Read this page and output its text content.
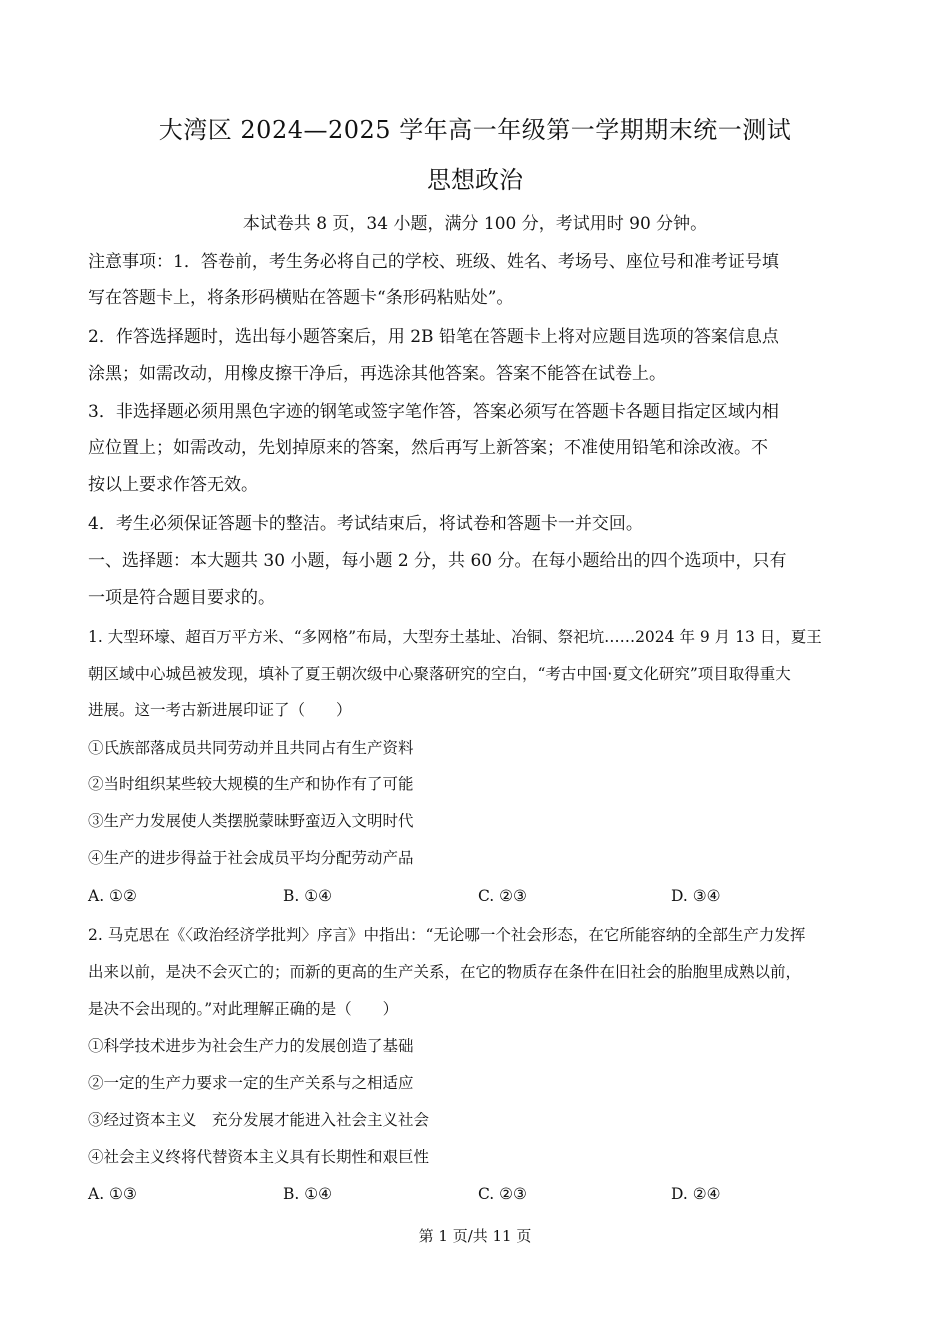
大湾区 2024—2025 学年高一年级第一学期期末统一测试
思想政治
本试卷共 8 页，34 小题，满分 100 分，考试用时 90 分钟。
注意事项：1．答卷前，考生务必将自己的学校、班级、姓名、考场号、座位号和准考证号填
写在答题卡上，将条形码横贴在答题卡“条形码粘贴处”。
2．作答选择题时，选出每小题答案后，用 2B 铅笔在答题卡上将对应题目选项的答案信息点
涂黑；如需改动，用橡皮擦干净后，再选涂其他答案。答案不能答在试卷上。
3．非选择题必须用黑色字迹的钢笔或签字笔作答，答案必须写在答题卡各题目指定区域内相
应位置上；如需改动，先划掉原来的答案，然后再写上新答案；不准使用铅笔和涂改液。不
按以上要求作答无效。
4．考生必须保证答题卡的整洁。考试结束后，将试卷和答题卡一并交回。
一、选择题：本大题共 30 小题，每小题 2 分，共 60 分。在每小题给出的四个选项中，只有
一项是符合题目要求的。
1. 大型环壕、超百万平方米、“多网格”布局，大型夯土基址、冶铜、祭祀坑……2024 年 9 月 13 日，夏王
朝区域中心城邑被发现，填补了夏王朝次级中心聚落研究的空白，“考古中国·夏文化研究”项目取得重大
进展。这一考古新进展印证了（　　）
①氏族部落成员共同劳动并且共同占有生产资料
②当时组织某些较大规模的生产和协作有了可能
③生产力发展使人类摆脱蒙昧野蛮迈入文明时代
④生产的进步得益于社会成员平均分配劳动产品
A. ①②	B. ①④	C. ②③	D. ③④
2. 马克思在《〈政治经济学批判〉序言》中指出：“无论哪一个社会形态，在它所能容纳的全部生产力发挥
出来以前，是决不会灭亡的；而新的更高的生产关系，在它的物质存在条件在旧社会的胎胞里成熟以前，
是决不会出现的。”对此理解正确的是（　　）
①科学技术进步为社会生产力的发展创造了基础
②一定的生产力要求一定的生产关系与之相适应
③经过资本主义　充分发展才能进入社会主义社会
④社会主义终将代替资本主义具有长期性和艰巨性
A. ①③	B. ①④	C. ②③	D. ②④
第 1 页/共 11 页
